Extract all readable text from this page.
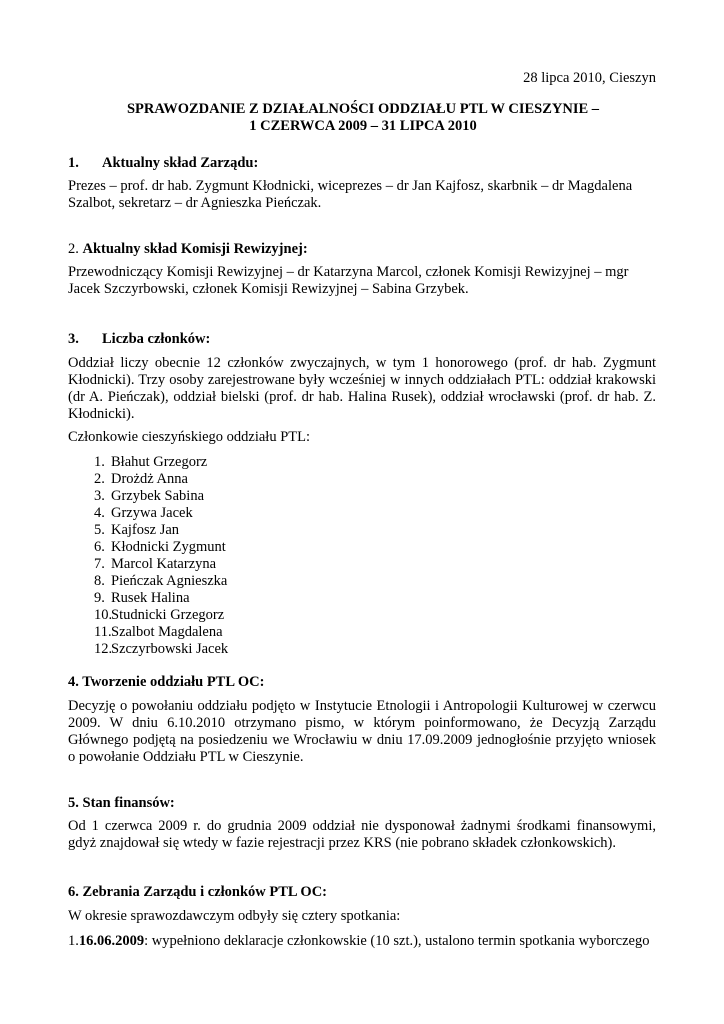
28 lipca 2010, Cieszyn
SPRAWOZDANIE Z DZIAŁALNOŚCI ODDZIAŁU PTL W CIESZYNIE –
1 CZERWCA 2009 – 31 LIPCA 2010
1. Aktualny skład Zarządu:
Prezes – prof. dr hab. Zygmunt Kłodnicki, wiceprezes – dr Jan Kajfosz, skarbnik – dr Magdalena
Szalbot, sekretarz – dr Agnieszka Pieńczak.
2. Aktualny skład Komisji Rewizyjnej:
Przewodniczący Komisji Rewizyjnej – dr Katarzyna Marcol, członek Komisji Rewizyjnej – mgr
Jacek Szczyrbowski, członek Komisji Rewizyjnej – Sabina Grzybek.
3. Liczba członków:
Oddział liczy obecnie 12 członków zwyczajnych, w tym 1 honorowego (prof. dr hab. Zygmunt Kłodnicki). Trzy osoby zarejestrowane były wcześniej w innych oddziałach PTL: oddział krakowski (dr A. Pieńczak), oddział bielski (prof. dr hab. Halina Rusek), oddział wrocławski (prof. dr hab. Z. Kłodnicki).
Członkowie cieszyńskiego oddziału PTL:
1. Błahut Grzegorz
2. Drożdż Anna
3. Grzybek Sabina
4. Grzywa Jacek
5. Kajfosz Jan
6. Kłodnicki Zygmunt
7. Marcol Katarzyna
8. Pieńczak Agnieszka
9. Rusek Halina
10.Studnicki Grzegorz
11.Szalbot Magdalena
12.Szczyrbowski Jacek
4. Tworzenie oddziału PTL OC:
Decyzję o powołaniu oddziału podjęto w Instytucie Etnologii i Antropologii Kulturowej w czerwcu 2009. W dniu 6.10.2010 otrzymano pismo, w którym poinformowano, że Decyzją Zarządu Głównego podjętą na posiedzeniu we Wrocławiu w dniu 17.09.2009 jednogłośnie przyjęto wniosek o powołanie Oddziału PTL w Cieszynie.
5. Stan finansów:
Od 1 czerwca 2009 r. do grudnia 2009 oddział nie dysponował żadnymi środkami finansowymi, gdyż znajdował się wtedy w fazie rejestracji przez KRS (nie pobrano składek członkowskich).
6. Zebrania Zarządu i członków PTL OC:
W okresie sprawozdawczym odbyły się cztery spotkania:
1.16.06.2009: wypełniono deklaracje członkowskie (10 szt.), ustalono termin spotkania wyborczego
